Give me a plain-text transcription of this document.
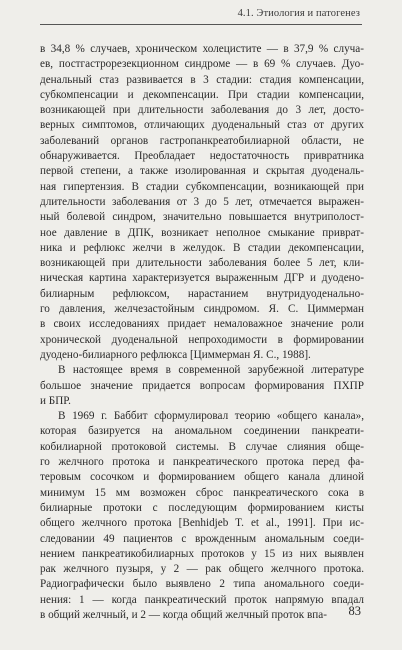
4.1. Этиология и патогенез
в 34,8 % случаев, хроническом холецистите — в 37,9 % случа-
ев, постгастрорезекционном синдроме — в 69 % случаев. Дуо-
денальный стаз развивается в 3 стадии: стадия компенсации,
субкомпенсации и декомпенсации. При стадии компенсации,
возникающей при длительности заболевания до 3 лет, досто-
верных симптомов, отличающих дуоденальный стаз от других
заболеваний органов гастропанкреатобилиарной области, не
обнаруживается. Преобладает недостаточность привратника
первой степени, а также изолированная и скрытая дуоденаль-
ная гипертензия. В стадии субкомпенсации, возникающей при
длительности заболевания от 3 до 5 лет, отмечается выражен-
ный болевой синдром, значительно повышается внутриполост-
ное давление в ДПК, возникает неполное смыкание приврат-
ника и рефлюкс желчи в желудок. В стадии декомпенсации,
возникающей при длительности заболевания более 5 лет, кли-
ническая картина характеризуется выраженным ДГР и дуодено-
билиарным рефлюксом, нарастанием внутридуоденально-
го давления, желчезастойным синдромом. Я. С. Циммерман
в своих исследованиях придает немаловажное значение роли
хронической дуоденальной непроходимости в формировании
дуодено-билиарного рефлюкса [Циммерман Я. С., 1988].
В настоящее время в современной зарубежной литературе
большое значение придается вопросам формирования ПХПР
и БПР.
В 1969 г. Баббит сформулировал теорию «общего канала»,
которая базируется на аномальном соединении панкреати-
кобилиарной протоковой системы. В случае слияния обще-
го желчного протока и панкреатического протока перед фа-
теровым сосочком и формированием общего канала длиной
минимум 15 мм возможен сброс панкреатического сока в
билиарные протоки с последующим формированием кисты
общего желчного протока [Benhidjeb T. et al., 1991]. При ис-
следовании 49 пациентов с врожденным аномальным соеди-
нением панкреатикобилиарных протоков у 15 из них выявлен
рак желчного пузыря, у 2 — рак общего желчного протока.
Радиографически было выявлено 2 типа аномального соеди-
нения: 1 — когда панкреатический проток напрямую впадал
в общий желчный, и 2 — когда общий желчный проток впа-	83
